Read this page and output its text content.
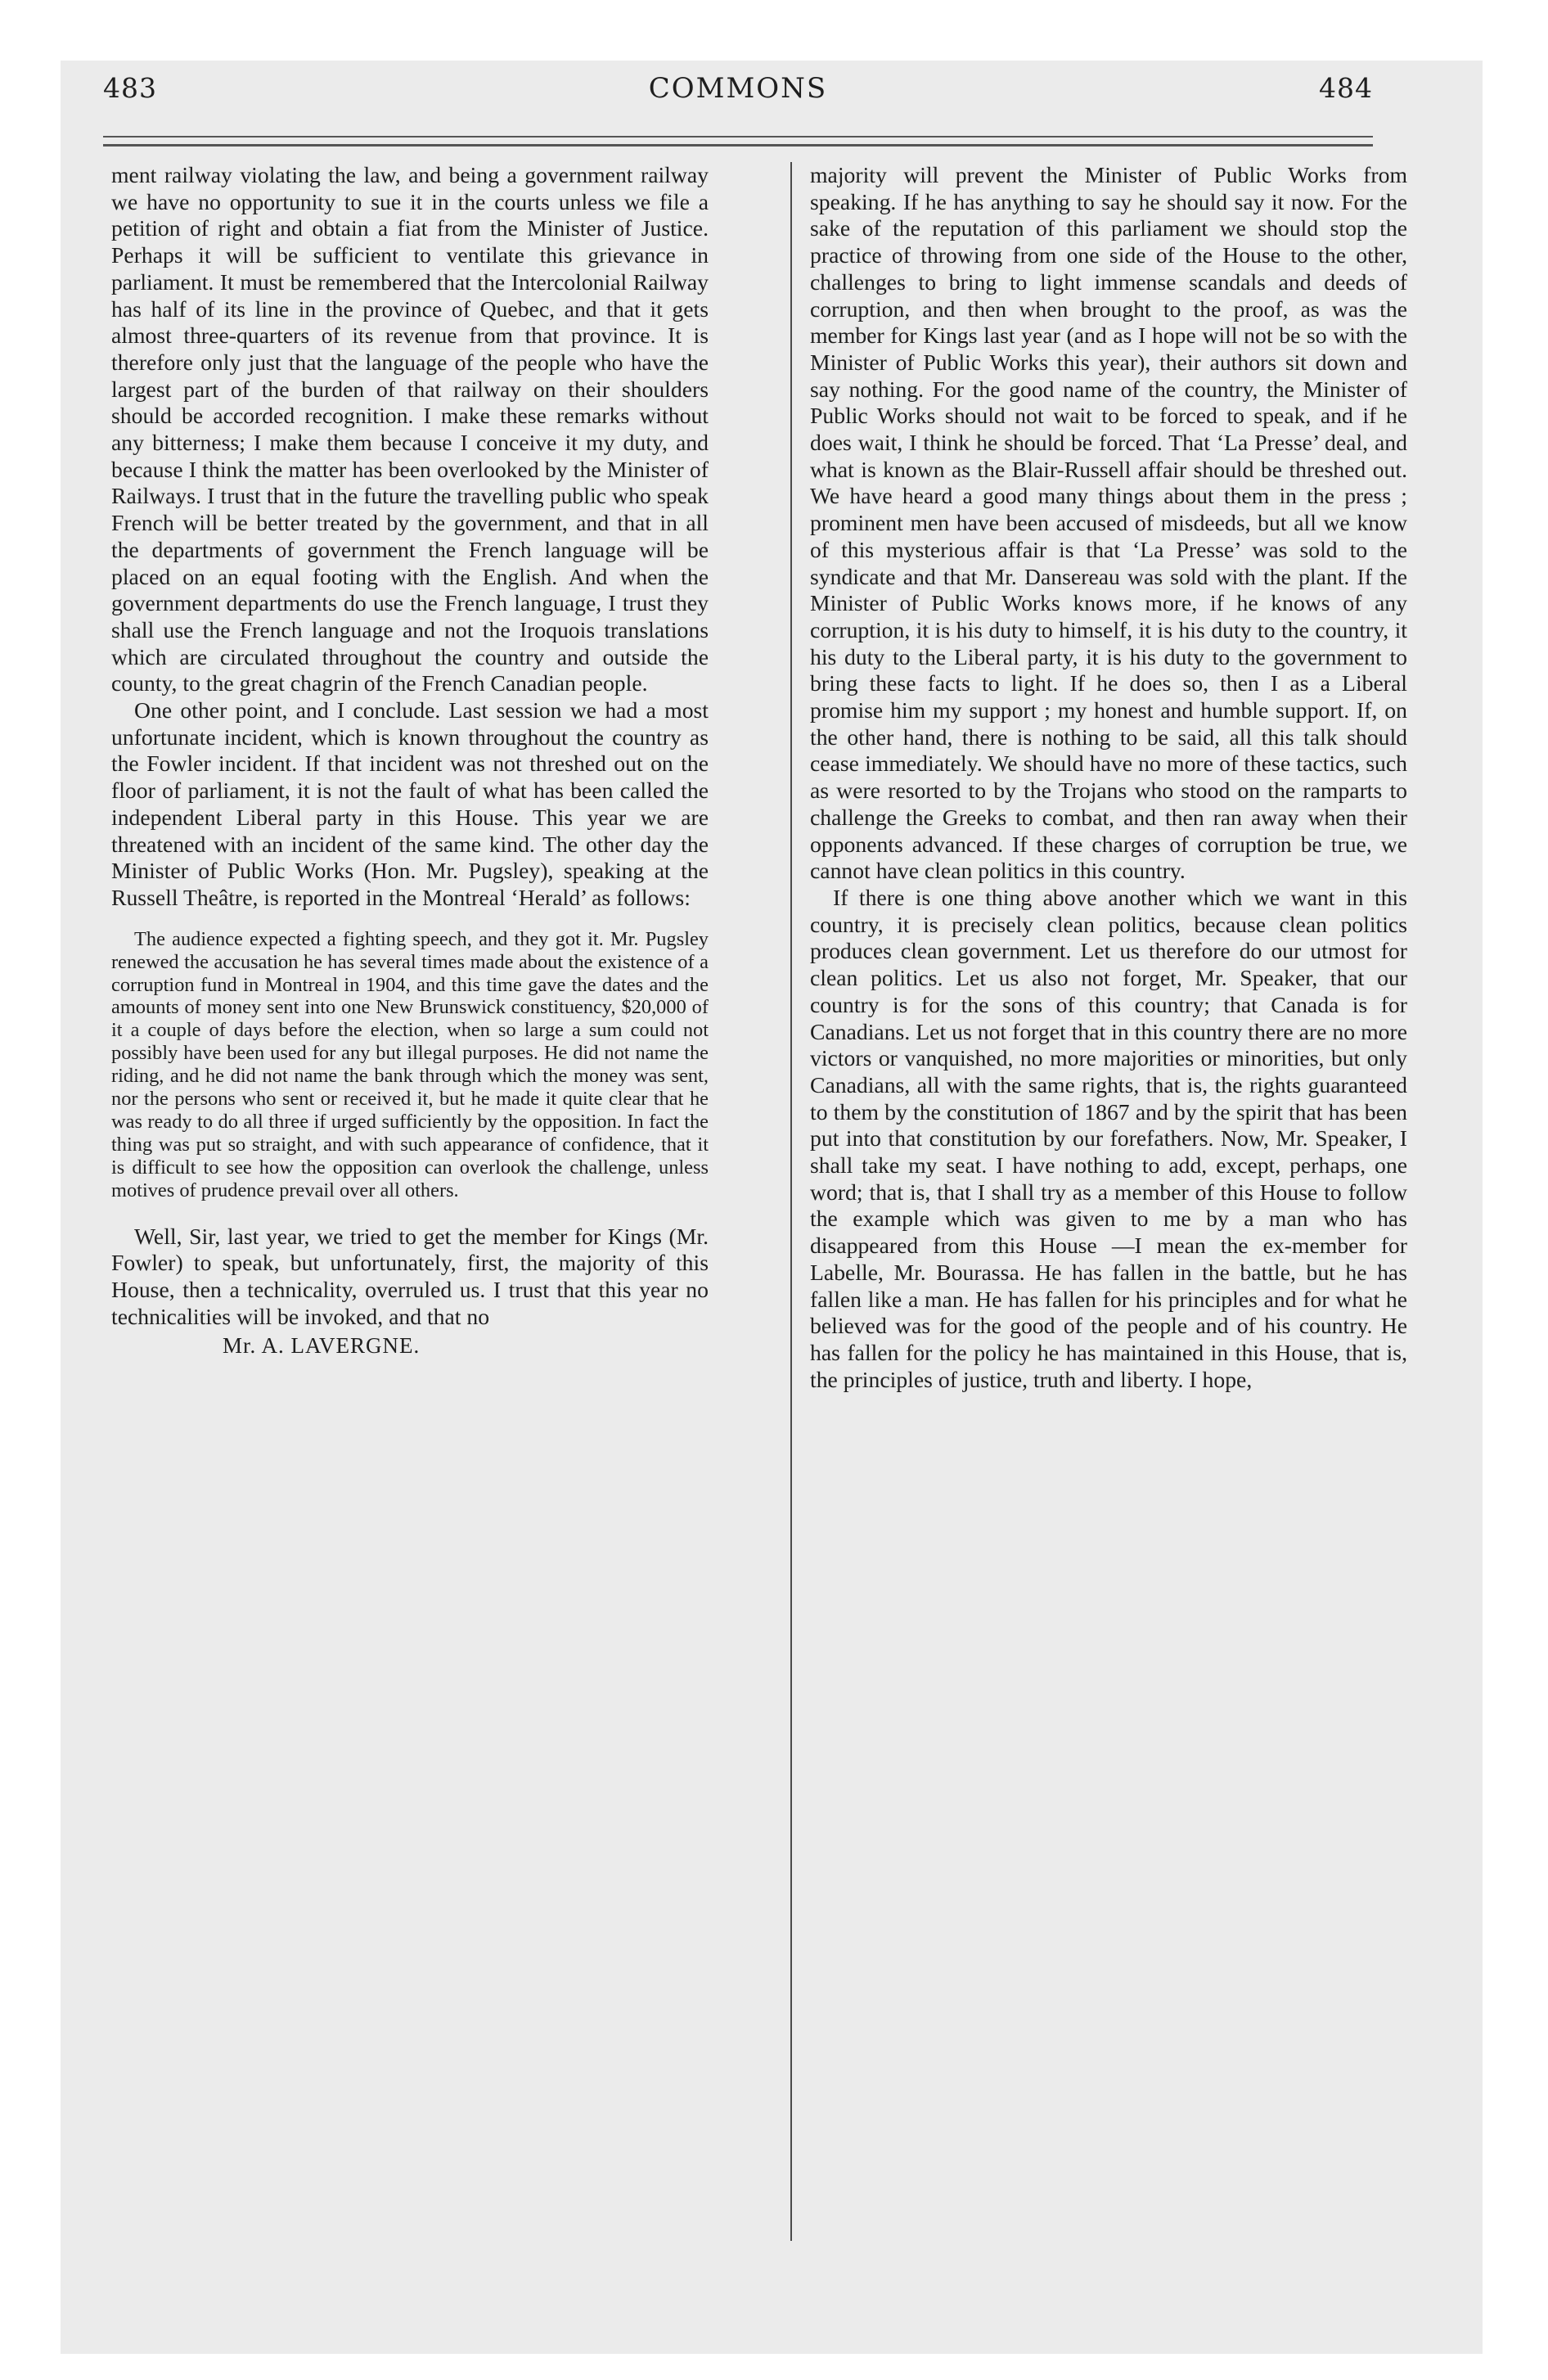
483	COMMONS	484

ment railway violating the law, and being a government railway we have no opportunity to sue it in the courts unless we file a petition of right and obtain a fiat from the Minister of Justice. Perhaps it will be sufficient to ventilate this grievance in parliament. It must be remembered that the Intercolonial Railway has half of its line in the province of Quebec, and that it gets almost three-quarters of its revenue from that province. It is therefore only just that the language of the people who have the largest part of the burden of that railway on their shoulders should be accorded recognition. I make these remarks without any bitterness; I make them because I conceive it my duty, and because I think the matter has been overlooked by the Minister of Railways. I trust that in the future the travelling public who speak French will be better treated by the government, and that in all the departments of government the French language will be placed on an equal footing with the English. And when the government departments do use the French language, I trust they shall use the French language and not the Iroquois translations which are circulated throughout the country and outside the county, to the great chagrin of the French Canadian people.

One other point, and I conclude. Last session we had a most unfortunate incident, which is known throughout the country as the Fowler incident. If that incident was not threshed out on the floor of parliament, it is not the fault of what has been called the independent Liberal party in this House. This year we are threatened with an incident of the same kind. The other day the Minister of Public Works (Hon. Mr. Pugsley), speaking at the Russell Theâtre, is reported in the Montreal ‘Herald’ as follows:

The audience expected a fighting speech, and they got it. Mr. Pugsley renewed the accusation he has several times made about the existence of a corruption fund in Montreal in 1904, and this time gave the dates and the amounts of money sent into one New Brunswick constituency, $20,000 of it a couple of days before the election, when so large a sum could not possibly have been used for any but illegal purposes. He did not name the riding, and he did not name the bank through which the money was sent, nor the persons who sent or received it, but he made it quite clear that he was ready to do all three if urged sufficiently by the opposition. In fact the thing was put so straight, and with such appearance of confidence, that it is difficult to see how the opposition can overlook the challenge, unless motives of prudence prevail over all others.

Well, Sir, last year, we tried to get the member for Kings (Mr. Fowler) to speak, but unfortunately, first, the majority of this House, then a technicality, overruled us. I trust that this year no technicalities will be invoked, and that no

Mr. A. LAVERGNE.

majority will prevent the Minister of Public Works from speaking. If he has anything to say he should say it now. For the sake of the reputation of this parliament we should stop the practice of throwing from one side of the House to the other, challenges to bring to light immense scandals and deeds of corruption, and then when brought to the proof, as was the member for Kings last year (and as I hope will not be so with the Minister of Public Works this year), their authors sit down and say nothing. For the good name of the country, the Minister of Public Works should not wait to be forced to speak, and if he does wait, I think he should be forced. That ‘La Presse’ deal, and what is known as the Blair-Russell affair should be threshed out. We have heard a good many things about them in the press ; prominent men have been accused of misdeeds, but all we know of this mysterious affair is that ‘La Presse’ was sold to the syndicate and that Mr. Dansereau was sold with the plant. If the Minister of Public Works knows more, if he knows of any corruption, it is his duty to himself, it is his duty to the country, it his duty to the Liberal party, it is his duty to the government to bring these facts to light. If he does so, then I as a Liberal promise him my support ; my honest and humble support. If, on the other hand, there is nothing to be said, all this talk should cease immediately. We should have no more of these tactics, such as were resorted to by the Trojans who stood on the ramparts to challenge the Greeks to combat, and then ran away when their opponents advanced. If these charges of corruption be true, we cannot have clean politics in this country.

If there is one thing above another which we want in this country, it is precisely clean politics, because clean politics produces clean government. Let us therefore do our utmost for clean politics. Let us also not forget, Mr. Speaker, that our country is for the sons of this country; that Canada is for Canadians. Let us not forget that in this country there are no more victors or vanquished, no more majorities or minorities, but only Canadians, all with the same rights, that is, the rights guaranteed to them by the constitution of 1867 and by the spirit that has been put into that constitution by our forefathers. Now, Mr. Speaker, I shall take my seat. I have nothing to add, except, perhaps, one word; that is, that I shall try as a member of this House to follow the example which was given to me by a man who has disappeared from this House —I mean the ex-member for Labelle, Mr. Bourassa. He has fallen in the battle, but he has fallen like a man. He has fallen for his principles and for what he believed was for the good of the people and of his country. He has fallen for the policy he has maintained in this House, that is, the principles of justice, truth and liberty. I hope,
